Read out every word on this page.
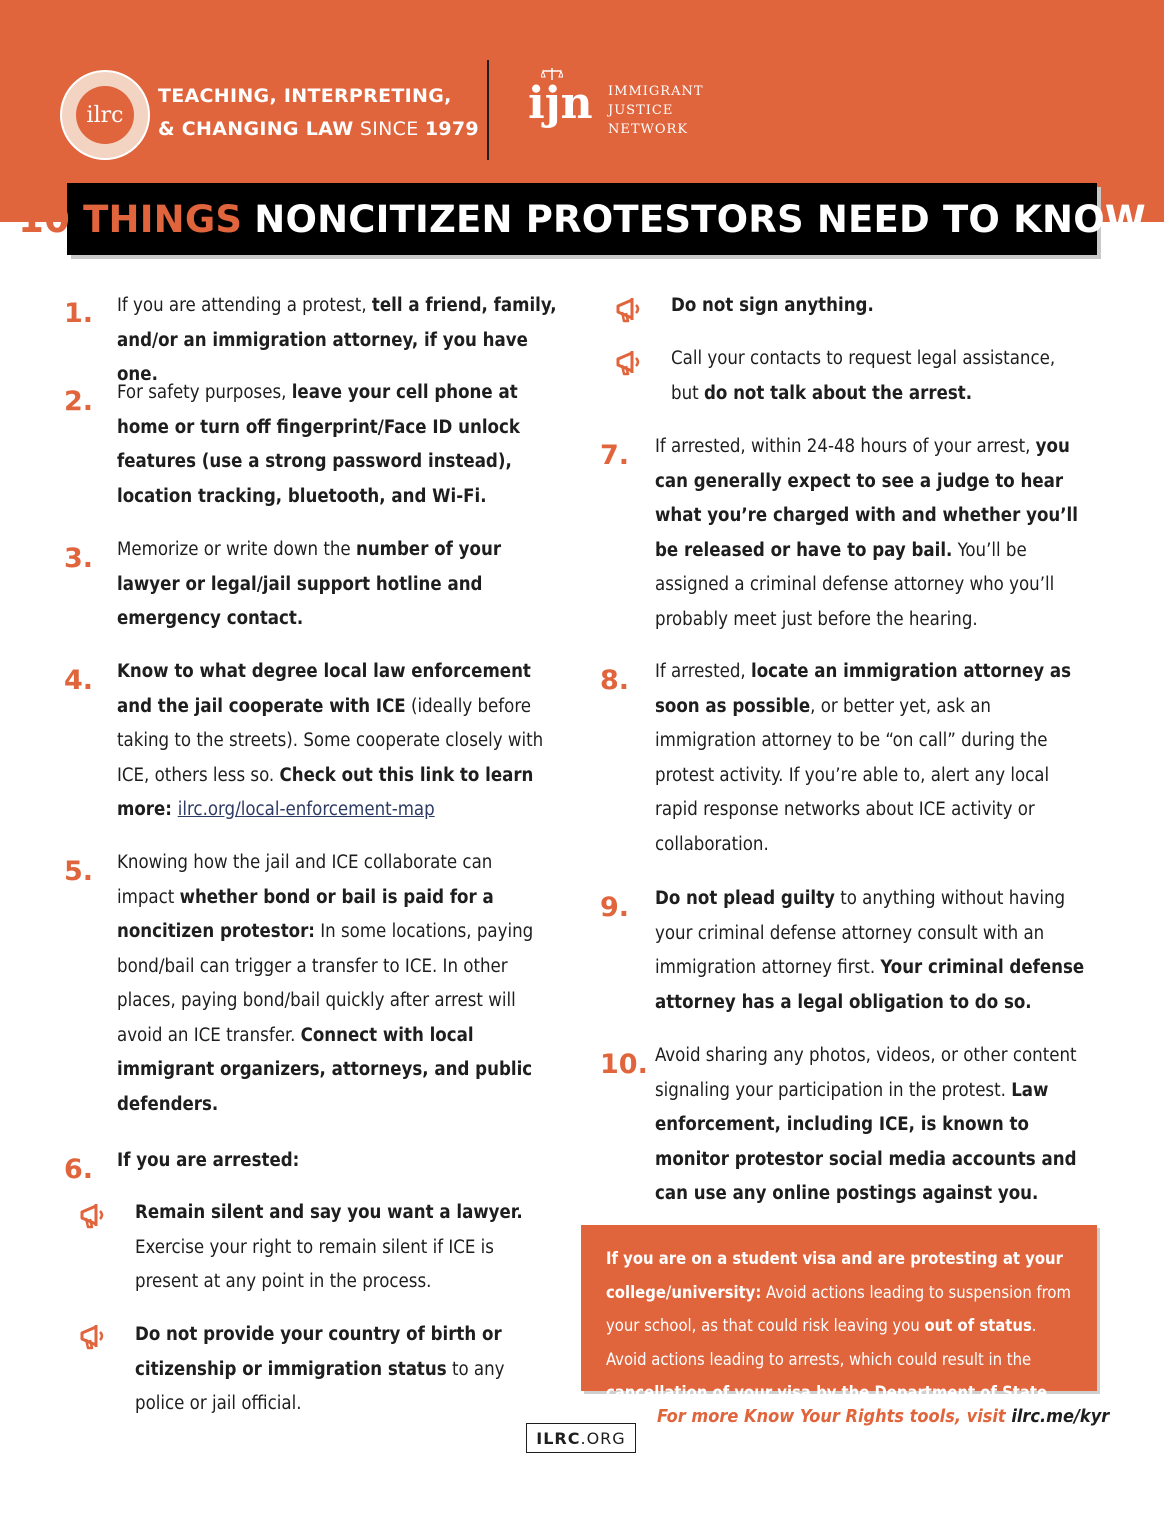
ilrc
TEACHING, INTERPRETING,
& CHANGING LAW SINCE 1979 ijn IMMIGRANT
JUSTICE
NETWORK
10 THINGS NONCITIZEN PROTESTORS NEED TO KNOW
1.	If you are attending a protest, tell a friend, family, and/or an immigration attorney, if you have one.
2.	For safety purposes, leave your cell phone at home or turn off fingerprint/Face ID unlock features (use a strong password instead), location tracking, bluetooth, and Wi-Fi.
3.	Memorize or write down the number of your lawyer or legal/jail support hotline and emergency contact.
4.	Know to what degree local law enforcement and the jail cooperate with ICE (ideally before taking to the streets). Some cooperate closely with ICE, others less so. Check out this link to learn more: ilrc.org/local-enforcement-map
5.	Knowing how the jail and ICE collaborate can impact whether bond or bail is paid for a noncitizen protestor: In some locations, paying bond/bail can trigger a transfer to ICE. In other places, paying bond/bail quickly after arrest will avoid an ICE transfer. Connect with local immigrant organizers, attorneys, and public defenders.
6.	If you are arrested:
Remain silent and say you want a lawyer. Exercise your right to remain silent if ICE is present at any point in the process.
Do not provide your country of birth or citizenship or immigration status to any police or jail official.
Do not sign anything.
Call your contacts to request legal assistance, but do not talk about the arrest.
7.	If arrested, within 24-48 hours of your arrest, you can generally expect to see a judge to hear what you’re charged with and whether you’ll be released or have to pay bail. You’ll be assigned a criminal defense attorney who you’ll probably meet just before the hearing.
8.	If arrested, locate an immigration attorney as soon as possible, or better yet, ask an immigration attorney to be “on call” during the protest activity. If you’re able to, alert any local rapid response networks about ICE activity or collaboration.
9.	Do not plead guilty to anything without having your criminal defense attorney consult with an immigration attorney first. Your criminal defense attorney has a legal obligation to do so.
10. Avoid sharing any photos, videos, or other content signaling your participation in the protest. Law enforcement, including ICE, is known to monitor protestor social media accounts and can use any online postings against you.
If you are on a student visa and are protesting at your college/university: Avoid actions leading to suspension from your school, as that could risk leaving you out of status. Avoid actions leading to arrests, which could result in the cancellation of your visa by the Department of State.
ILRC .ORG
For more Know Your Rights tools, visit ilrc.me/kyr
